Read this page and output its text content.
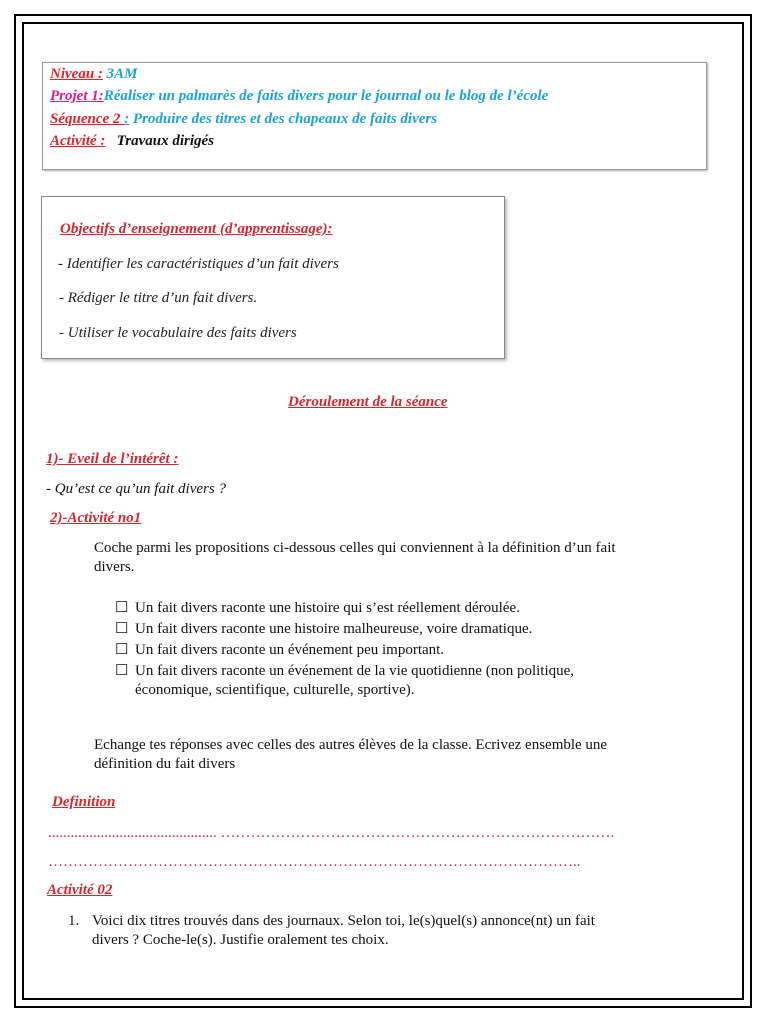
Niveau : 3AM
Projet 1:Réaliser un palmarès de faits divers pour le journal ou le blog de l’école
Séquence 2 : Produire des titres et des chapeaux de faits divers
Activité : Travaux dirigés
Objectifs d’enseignement (d’apprentissage):
- Identifier les caractéristiques d’un fait divers
- Rédiger le titre d’un fait divers.
- Utiliser le vocabulaire des faits divers
Déroulement de la séance
1)- Eveil de l’intérêt :
- Qu’est ce qu’un fait divers ?
2)-Activité no1
Coche parmi les propositions ci-dessous celles qui conviennent à la définition d’un fait
divers.
☐ Un fait divers raconte une histoire qui s’est réellement déroulée.
☐ Un fait divers raconte une histoire malheureuse, voire dramatique.
☐ Un fait divers raconte un événement peu important.
☐ Un fait divers raconte un événement de la vie quotidienne (non politique,
économique, scientifique, culturelle, sportive).
Echange tes réponses avec celles des autres élèves de la classe. Ecrivez ensemble une
définition du fait divers
Definition
............................................. …………………………………………………………………….
……………………………………………………………………………………………..
Activité 02
1. Voici dix titres trouvés dans des journaux. Selon toi, le(s)quel(s) annonce(nt) un fait
divers ? Coche-le(s). Justifie oralement tes choix.
